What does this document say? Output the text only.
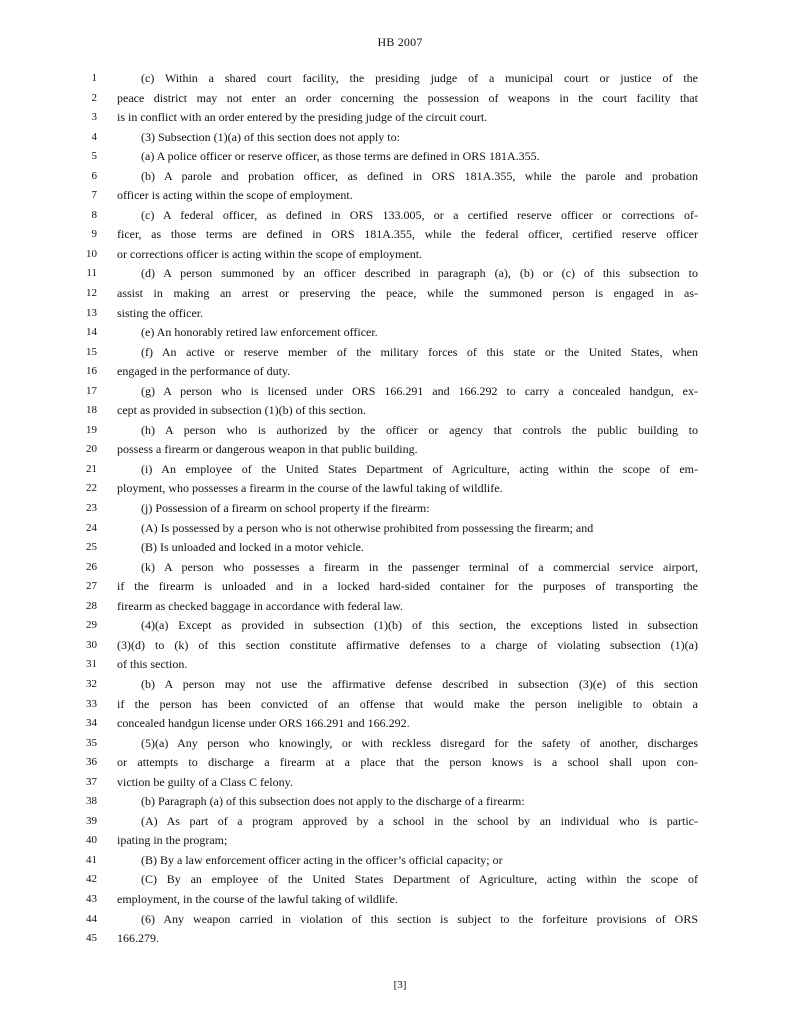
HB 2007
1	(c) Within a shared court facility, the presiding judge of a municipal court or justice of the
2 peace district may not enter an order concerning the possession of weapons in the court facility that
3 is in conflict with an order entered by the presiding judge of the circuit court.
4	(3) Subsection (1)(a) of this section does not apply to:
5	(a) A police officer or reserve officer, as those terms are defined in ORS 181A.355.
6	(b) A parole and probation officer, as defined in ORS 181A.355, while the parole and probation
7 officer is acting within the scope of employment.
8	(c) A federal officer, as defined in ORS 133.005, or a certified reserve officer or corrections of-
9 ficer, as those terms are defined in ORS 181A.355, while the federal officer, certified reserve officer
10 or corrections officer is acting within the scope of employment.
11	(d) A person summoned by an officer described in paragraph (a), (b) or (c) of this subsection to
12 assist in making an arrest or preserving the peace, while the summoned person is engaged in as-
13 sisting the officer.
14	(e) An honorably retired law enforcement officer.
15	(f) An active or reserve member of the military forces of this state or the United States, when
16 engaged in the performance of duty.
17	(g) A person who is licensed under ORS 166.291 and 166.292 to carry a concealed handgun, ex-
18 cept as provided in subsection (1)(b) of this section.
19	(h) A person who is authorized by the officer or agency that controls the public building to
20 possess a firearm or dangerous weapon in that public building.
21	(i) An employee of the United States Department of Agriculture, acting within the scope of em-
22 ployment, who possesses a firearm in the course of the lawful taking of wildlife.
23	(j) Possession of a firearm on school property if the firearm:
24	(A) Is possessed by a person who is not otherwise prohibited from possessing the firearm; and
25	(B) Is unloaded and locked in a motor vehicle.
26	(k) A person who possesses a firearm in the passenger terminal of a commercial service airport,
27 if the firearm is unloaded and in a locked hard-sided container for the purposes of transporting the
28 firearm as checked baggage in accordance with federal law.
29	(4)(a) Except as provided in subsection (1)(b) of this section, the exceptions listed in subsection
30 (3)(d) to (k) of this section constitute affirmative defenses to a charge of violating subsection (1)(a)
31 of this section.
32	(b) A person may not use the affirmative defense described in subsection (3)(e) of this section
33 if the person has been convicted of an offense that would make the person ineligible to obtain a
34 concealed handgun license under ORS 166.291 and 166.292.
35	(5)(a) Any person who knowingly, or with reckless disregard for the safety of another, discharges
36 or attempts to discharge a firearm at a place that the person knows is a school shall upon con-
37 viction be guilty of a Class C felony.
38	(b) Paragraph (a) of this subsection does not apply to the discharge of a firearm:
39	(A) As part of a program approved by a school in the school by an individual who is partic-
40 ipating in the program;
41	(B) By a law enforcement officer acting in the officer’s official capacity; or
42	(C) By an employee of the United States Department of Agriculture, acting within the scope of
43 employment, in the course of the lawful taking of wildlife.
44	(6) Any weapon carried in violation of this section is subject to the forfeiture provisions of ORS
45 166.279.
[3]
